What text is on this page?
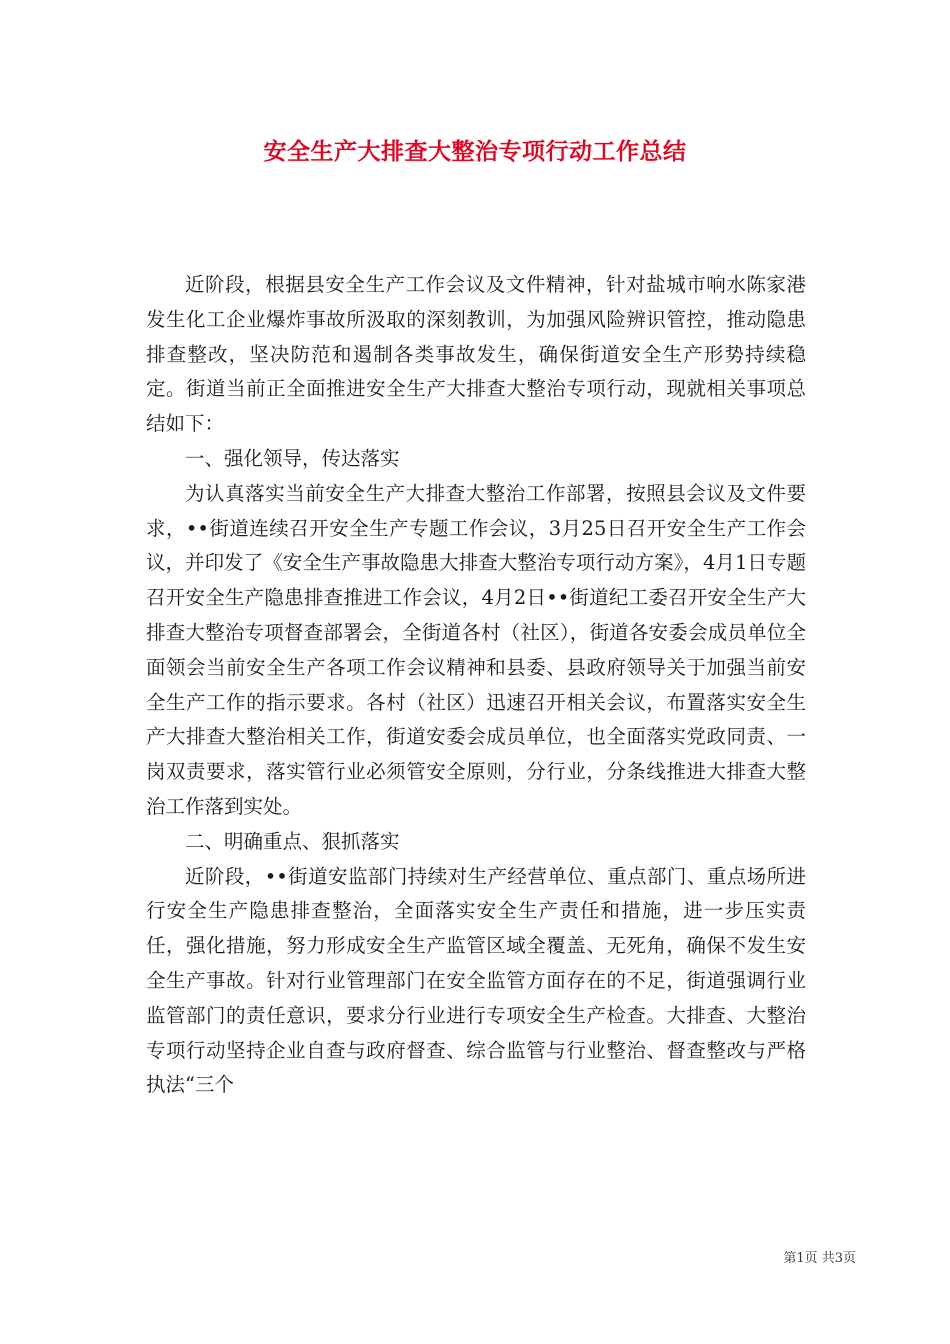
安全生产大排查大整治专项行动工作总结

近阶段，根据县安全生产工作会议及文件精神，针对盐城市响水陈家港发生化工企业爆炸事故所汲取的深刻教训，为加强风险辨识管控，推动隐患排查整改，坚决防范和遏制各类事故发生，确保街道安全生产形势持续稳定。街道当前正全面推进安全生产大排查大整治专项行动，现就相关事项总结如下：

一、强化领导，传达落实

为认真落实当前安全生产大排查大整治工作部署，按照县会议及文件要求，••街道连续召开安全生产专题工作会议，3月25日召开安全生产工作会议，并印发了《安全生产事故隐患大排查大整治专项行动方案》，4月1日专题召开安全生产隐患排查推进工作会议，4月2日••街道纪工委召开安全生产大排查大整治专项督查部署会，全街道各村（社区），街道各安委会成员单位全面领会当前安全生产各项工作会议精神和县委、县政府领导关于加强当前安全生产工作的指示要求。各村（社区）迅速召开相关会议，布置落实安全生产大排查大整治相关工作，街道安委会成员单位，也全面落实党政同责、一岗双责要求，落实管行业必须管安全原则，分行业，分条线推进大排查大整治工作落到实处。

二、明确重点、狠抓落实

近阶段，••街道安监部门持续对生产经营单位、重点部门、重点场所进行安全生产隐患排查整治，全面落实安全生产责任和措施，进一步压实责任，强化措施，努力形成安全生产监管区域全覆盖、无死角，确保不发生安全生产事故。针对行业管理部门在安全监管方面存在的不足，街道强调行业监管部门的责任意识，要求分行业进行专项安全生产检查。大排查、大整治专项行动坚持企业自查与政府督查、综合监管与行业整治、督查整改与严格执法“三个

第1页 共3页
